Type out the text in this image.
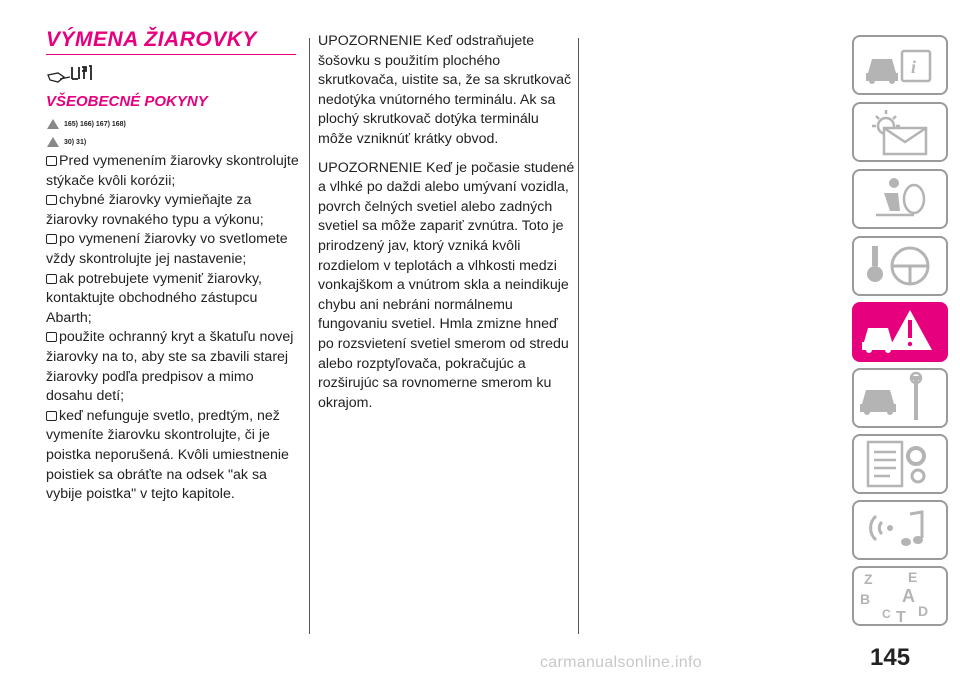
VÝMENA ŽIAROVKY
VŠEOBECNÉ POKYNY
165) 166) 167) 168)
30) 31)
Pred vymenením žiarovky skontrolujte stýkače kvôli korózii;
chybné žiarovky vymieňajte za žiarovky rovnakého typu a výkonu;
po vymenení žiarovky vo svetlomete vždy skontrolujte jej nastavenie;
ak potrebujete vymeniť žiarovky, kontaktujte obchodného zástupcu Abarth;
použite ochranný kryt a škatuľu novej žiarovky na to, aby ste sa zbavili starej žiarovky podľa predpisov a mimo dosahu detí;
keď nefunguje svetlo, predtým, než vymeníte žiarovku skontrolujte, či je poistka neporušená. Kvôli umiestnenie poistiek sa obráťte na odsek "ak sa vybije poistka" v tejto kapitole.

UPOZORNENIE Keď odstraňujete šošovku s použitím plochého skrutkovača, uistite sa, že sa skrutkovač nedotýka vnútorného terminálu. Ak sa plochý skrutkovač dotýka terminálu môže vzniknúť krátky obvod.

UPOZORNENIE Keď je počasie studené a vlhké po daždi alebo umývaní vozidla, povrch čelných svetiel alebo zadných svetiel sa môže zapariť zvnútra. Toto je prirodzený jav, ktorý vzniká kvôli rozdielom v teplotách a vlhkosti medzi vonkajškom a vnútrom skla a neindikuje chybu ani nebráni normálnemu fungovaniu svetiel. Hmla zmizne hneď po rozsvietení svetiel smerom od stredu alebo rozptyľovača, pokračujúc a rozširujúc sa rovnomerne smerom ku okrajom.

i
Z	E
B A
C T D
carmanualsonline.info	145
